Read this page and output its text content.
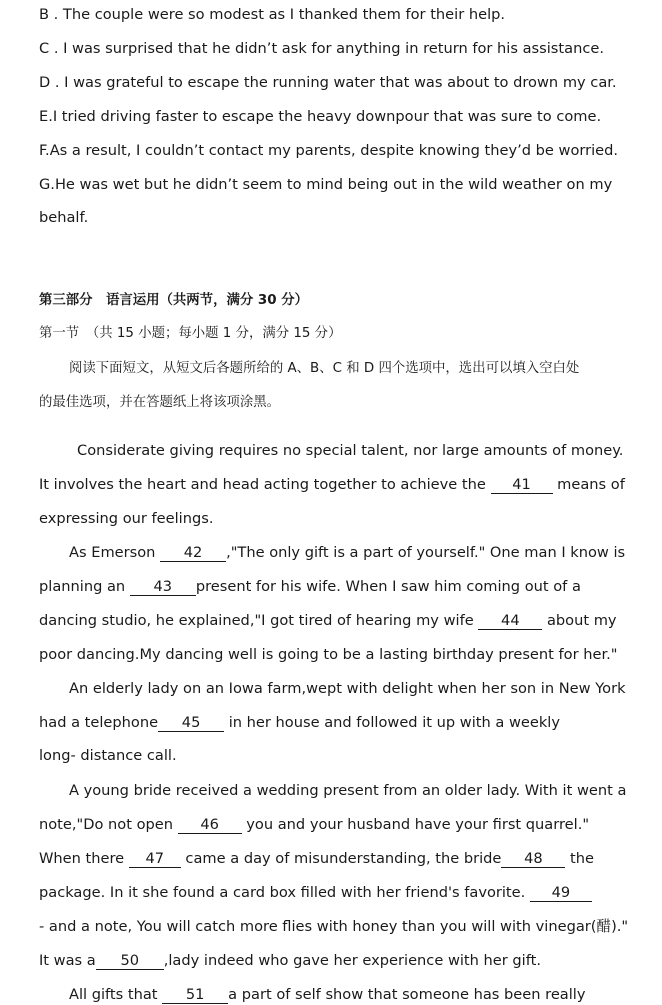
B . The couple were so modest as I thanked them for their help.
C . I was surprised that he didn’t ask for anything in return for his assistance.
D . I was grateful to escape the running water that was about to drown my car.
E.I tried driving faster to escape the heavy downpour that was sure to come.
F.As a result, I couldn’t contact my parents, despite knowing they’d be worried.
G.He was wet but he didn’t seem to mind being out in the wild weather on my
behalf.
第三部分　语言运用（共两节，满分 30 分）
第一节　（共 15 小题；每小题 1 分，满分 15 分）
阅读下面短文，从短文后各题所给的 A、B、C 和 D 四个选项中，选出可以填入空白处
的最佳选项，并在答题纸上将该项涂黑。
Considerate giving requires no special talent, nor large amounts of money.
It involves the heart and head acting together to achieve the 41 means of
expressing our feelings.
As Emerson 42 ,"The only gift is a part of yourself." One man I know is
planning an 43 present for his wife. When I saw him coming out of a
dancing studio, he explained,"I got tired of hearing my wife 44 about my
poor dancing.My dancing well is going to be a lasting birthday present for her."
An elderly lady on an Iowa farm,wept with delight when her son in New York
had a telephone 45 in her house and followed it up with a weekly
long- distance call.
A young bride received a wedding present from an older lady. With it went a
note,"Do not open 46 you and your husband have your first quarrel."
When there 47 came a day of misunderstanding, the bride 48 the
package. In it she found a card box filled with her friend's favorite. 49
- and a note, You will catch more flies with honey than you will with vinegar(醋)."
It was a 50 ,lady indeed who gave her experience with her gift.
All gifts that 51 a part of self show that someone has been really
